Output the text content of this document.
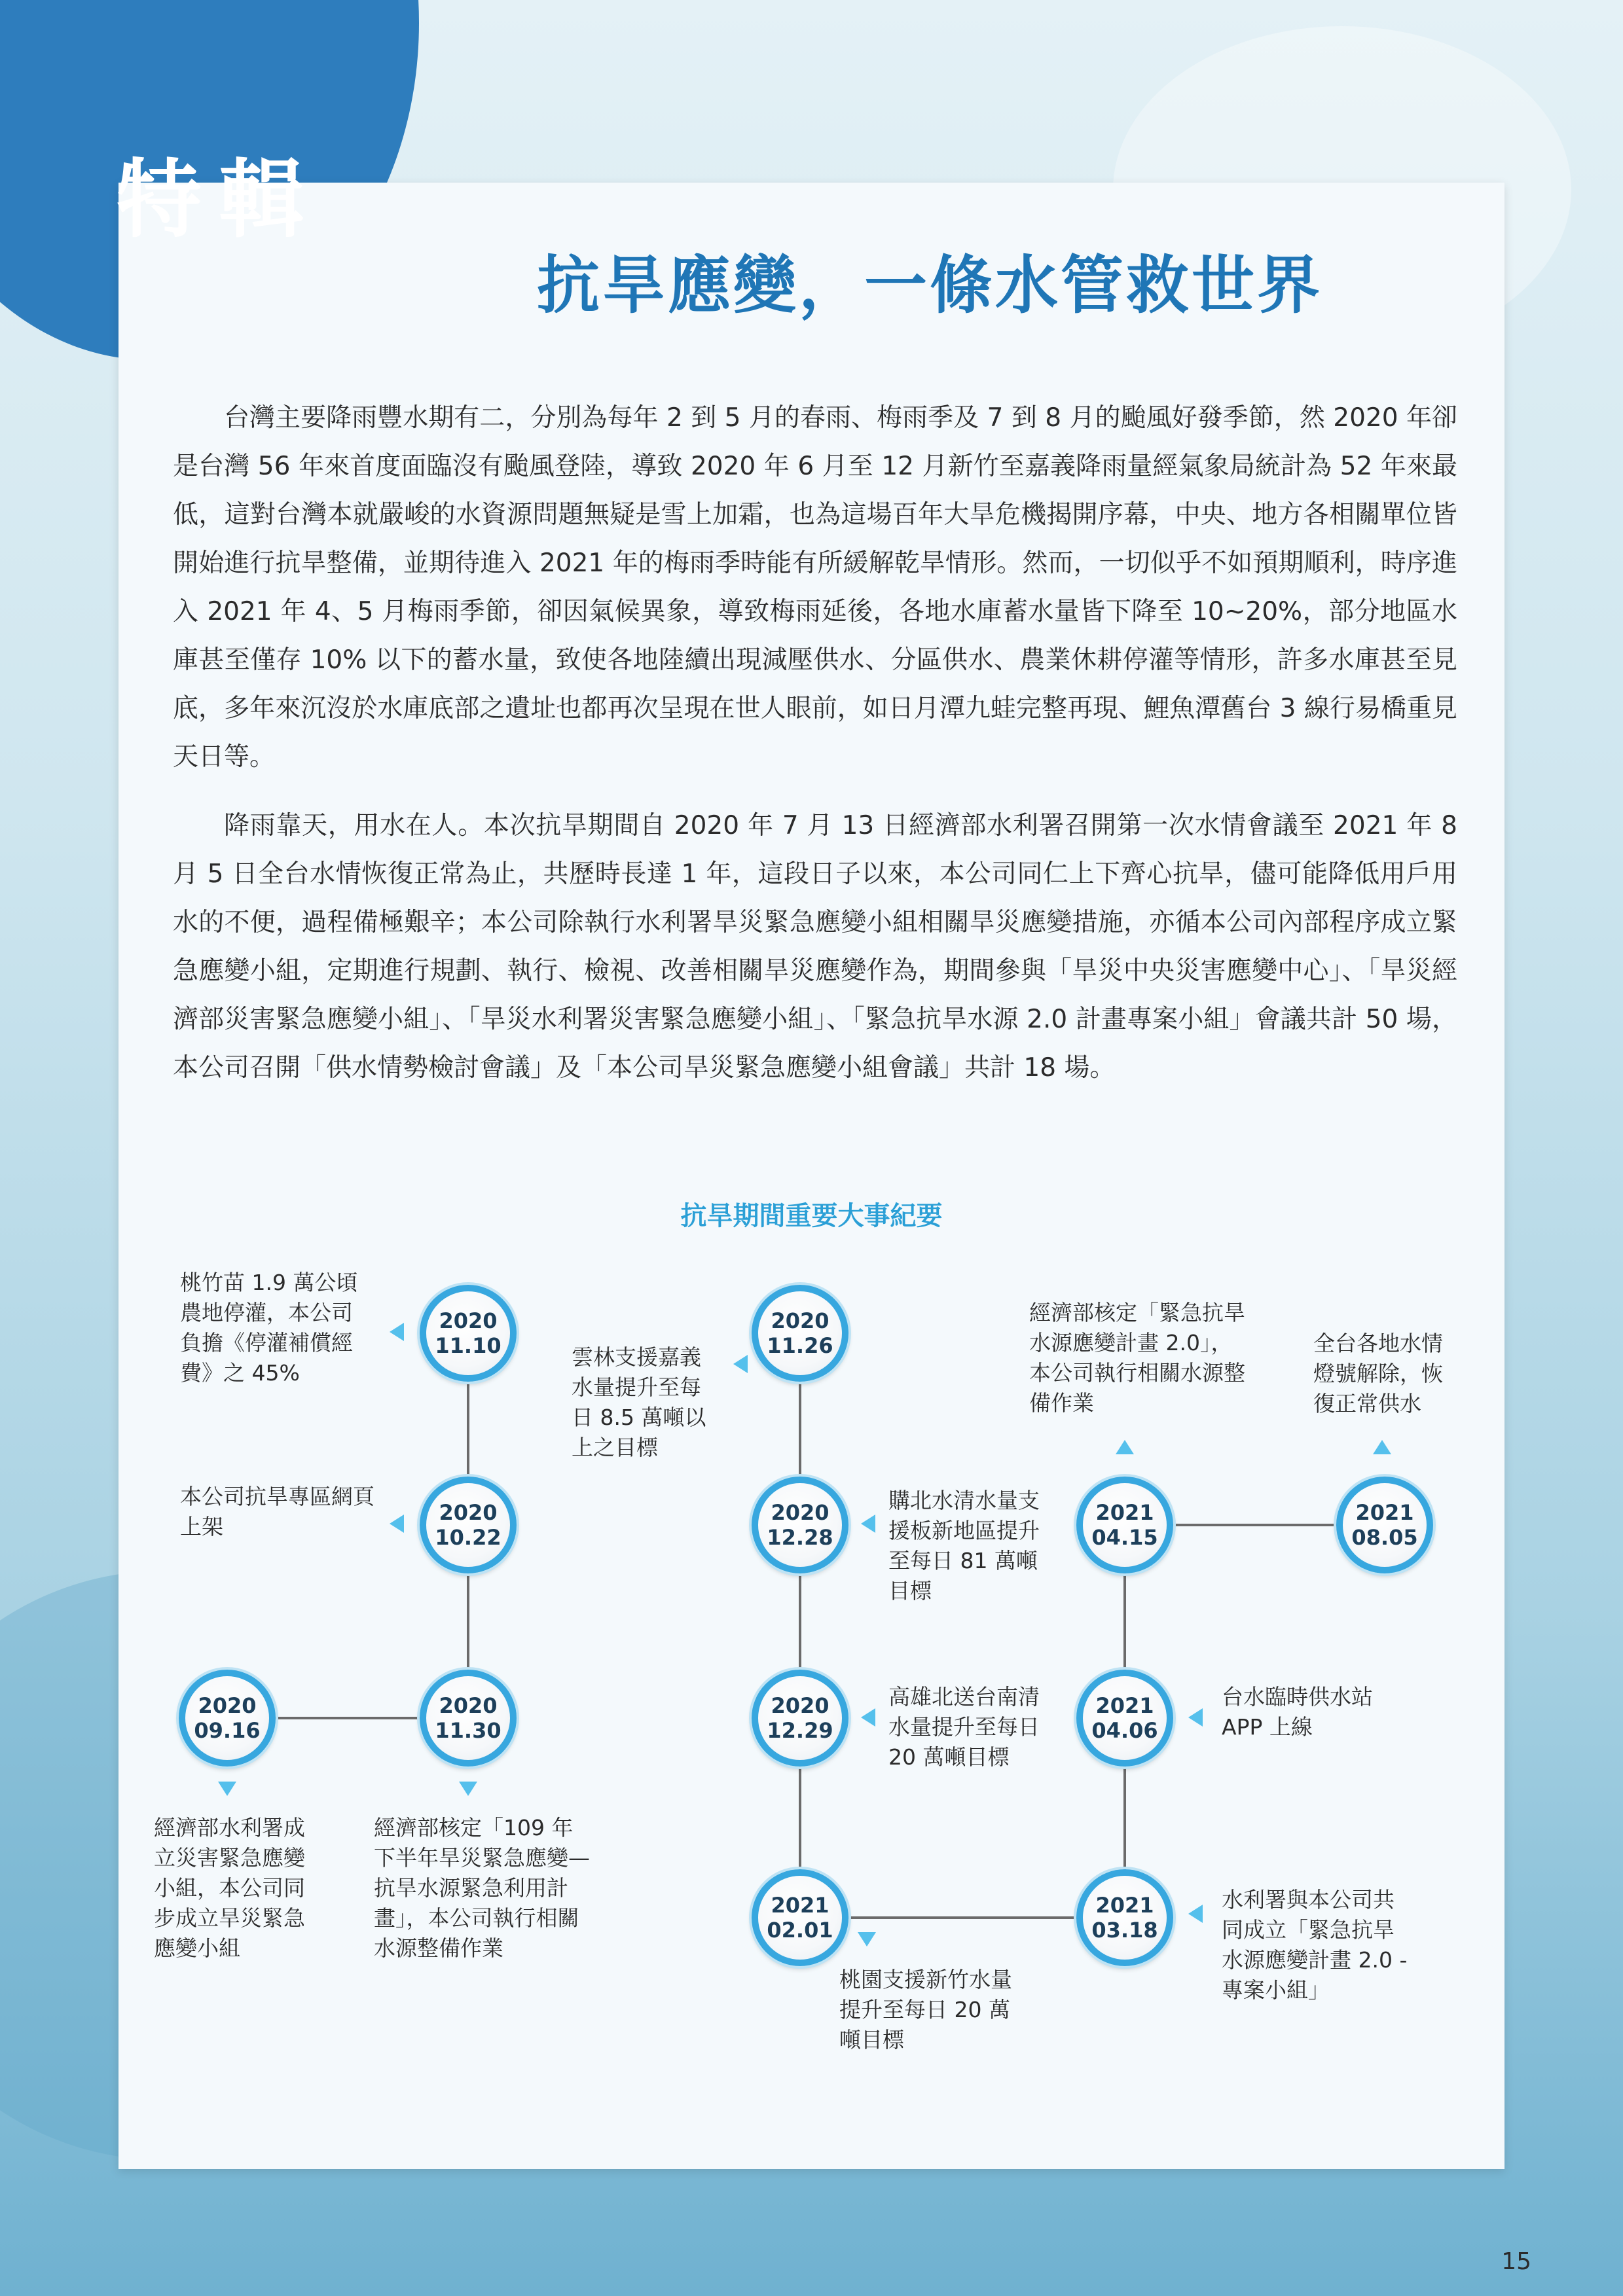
特輯
抗旱應變，一條水管救世界

台灣主要降雨豐水期有二，分別為每年 2 到 5 月的春雨、梅雨季及 7 到 8 月的颱風好發季節，然 2020 年卻是台灣 56 年來首度面臨沒有颱風登陸，導致 2020 年 6 月至 12 月新竹至嘉義降雨量經氣象局統計為 52 年來最低，這對台灣本就嚴峻的水資源問題無疑是雪上加霜，也為這場百年大旱危機揭開序幕，中央、地方各相關單位皆開始進行抗旱整備，並期待進入 2021 年的梅雨季時能有所緩解乾旱情形。然而，一切似乎不如預期順利，時序進入 2021 年 4、5 月梅雨季節，卻因氣候異象，導致梅雨延後，各地水庫蓄水量皆下降至 10~20%，部分地區水庫甚至僅存 10% 以下的蓄水量，致使各地陸續出現減壓供水、分區供水、農業休耕停灌等情形，許多水庫甚至見底，多年來沉沒於水庫底部之遺址也都再次呈現在世人眼前，如日月潭九蛙完整再現、鯉魚潭舊台 3 線行易橋重見天日等。

降雨靠天，用水在人。本次抗旱期間自 2020 年 7 月 13 日經濟部水利署召開第一次水情會議至 2021 年 8 月 5 日全台水情恢復正常為止，共歷時長達 1 年，這段日子以來，本公司同仁上下齊心抗旱，儘可能降低用戶用水的不便，過程備極艱辛；本公司除執行水利署旱災緊急應變小組相關旱災應變措施，亦循本公司內部程序成立緊急應變小組，定期進行規劃、執行、檢視、改善相關旱災應變作為，期間參與「旱災中央災害應變中心」、「旱災經濟部災害緊急應變小組」、「旱災水利署災害緊急應變小組」、「緊急抗旱水源 2.0 計畫專案小組」會議共計 50 場，本公司召開「供水情勢檢討會議」及「本公司旱災緊急應變小組會議」共計 18 場。

抗旱期間重要大事紀要
2020
09.16
2020
10.22
2020
11.10
2020
11.26
2020
11.30
2020
12.28
2020
12.29
2021
02.01
2021
03.18
2021
04.06
2021
04.15
2021
08.05
經濟部水利署成立災害緊急應變小組，本公司同步成立旱災緊急應變小組
本公司抗旱專區網頁上架
桃竹苗 1.9 萬公頃農地停灌，本公司負擔《停灌補償經費》之 45%
雲林支援嘉義水量提升至每日 8.5 萬噸以上之目標
經濟部核定「109 年下半年旱災緊急應變—抗旱水源緊急利用計畫」，本公司執行相關水源整備作業
購北水清水量支援板新地區提升至每日 81 萬噸目標
高雄北送台南清水量提升至每日 20 萬噸目標
桃園支援新竹水量提升至每日 20 萬噸目標
水利署與本公司共同成立「緊急抗旱水源應變計畫 2.0 - 專案小組」
台水臨時供水站 APP 上線
經濟部核定「緊急抗旱水源應變計畫 2.0」，本公司執行相關水源整備作業
全台各地水情燈號解除，恢復正常供水
15
